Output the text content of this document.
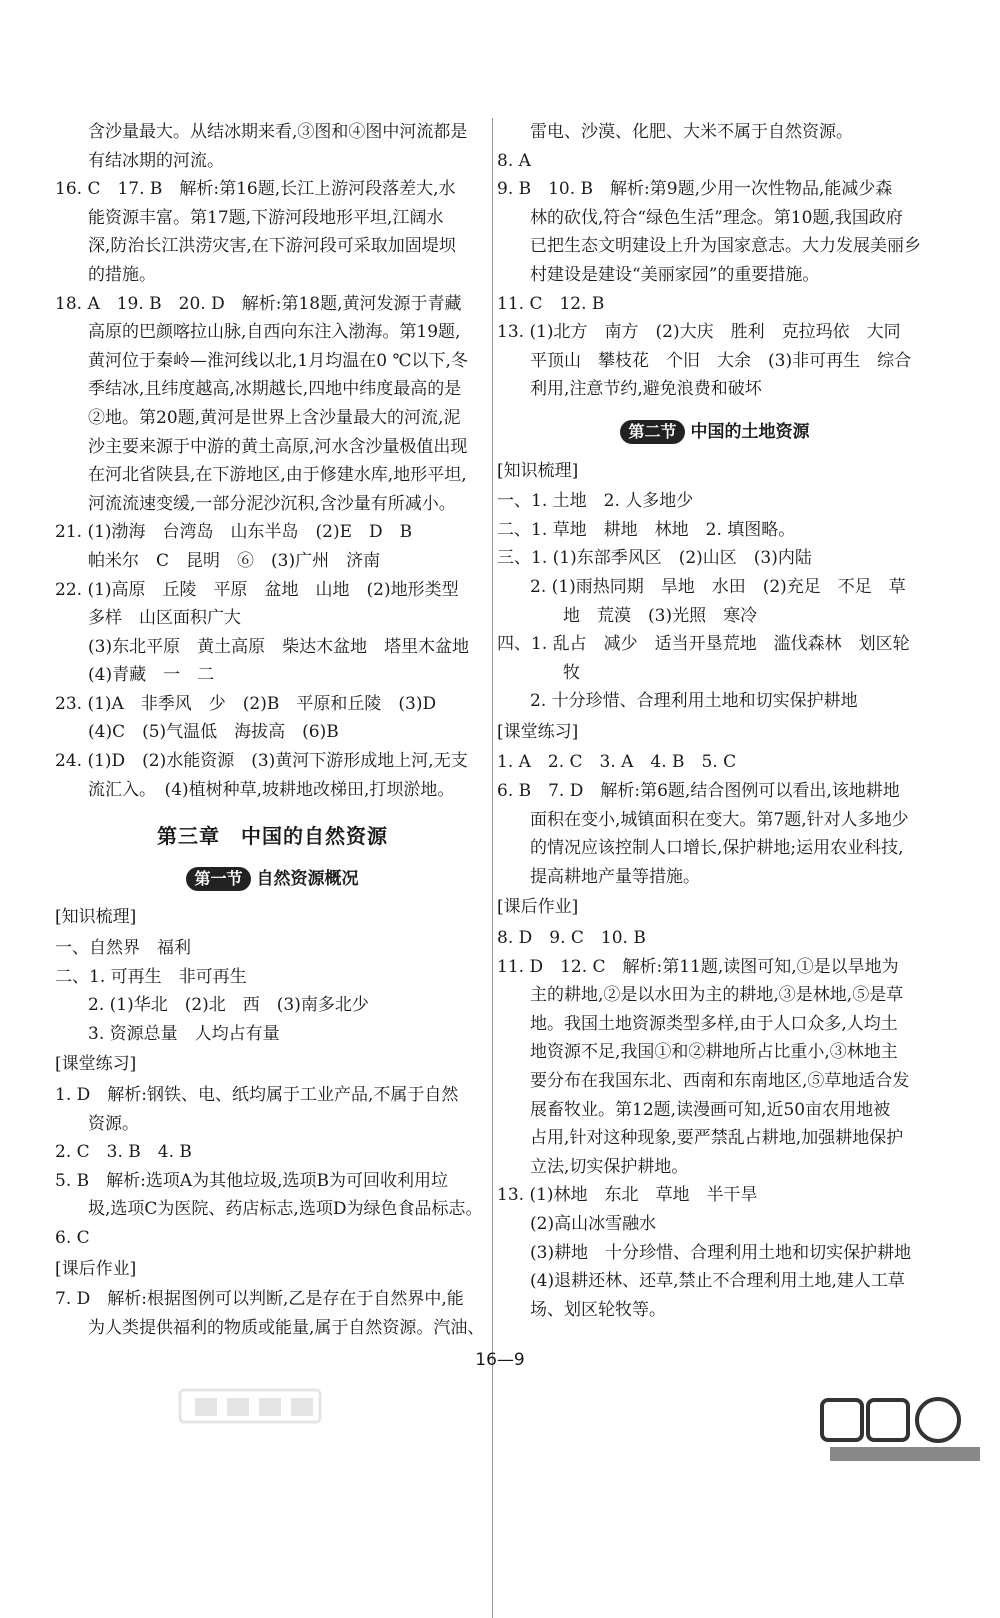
含沙量最大。从结冰期来看,③图和④图中河流都是

有结冰期的河流。

16. C　17. B　解析:第16题,长江上游河段落差大,水

能资源丰富。第17题,下游河段地形平坦,江阔水

深,防治长江洪涝灾害,在下游河段可采取加固堤坝

的措施。

18. A　19. B　20. D　解析:第18题,黄河发源于青藏

高原的巴颜喀拉山脉,自西向东注入渤海。第19题,

黄河位于秦岭—淮河线以北,1月均温在0 ℃以下,冬

季结冰,且纬度越高,冰期越长,四地中纬度最高的是

②地。第20题,黄河是世界上含沙量最大的河流,泥

沙主要来源于中游的黄土高原,河水含沙量极值出现

在河北省陕县,在下游地区,由于修建水库,地形平坦,

河流流速变缓,一部分泥沙沉积,含沙量有所减小。

21. (1)渤海　台湾岛　山东半岛　(2)E　D　B

帕米尔　C　昆明　⑥　(3)广州　济南

22. (1)高原　丘陵　平原　盆地　山地　(2)地形类型

多样　山区面积广大

(3)东北平原　黄土高原　柴达木盆地　塔里木盆地

(4)青藏　一　二

23. (1)A　非季风　少　(2)B　平原和丘陵　(3)D

(4)C　(5)气温低　海拔高　(6)B

24. (1)D　(2)水能资源　(3)黄河下游形成地上河,无支

流汇入。　(4)植树种草,坡耕地改梯田,打坝淤地。

第三章　中国的自然资源
第一节 自然资源概况

[知识梳理]

一、自然界　福利

二、1. 可再生　非可再生

2. (1)华北　(2)北　西　(3)南多北少

3. 资源总量　人均占有量

[课堂练习]

1. D　解析:钢铁、电、纸均属于工业产品,不属于自然

资源。

2. C　3. B　4. B

5. B　解析:选项A为其他垃圾,选项B为可回收利用垃

圾,选项C为医院、药店标志,选项D为绿色食品标志。

6. C

[课后作业]

7. D　解析:根据图例可以判断,乙是存在于自然界中,能

为人类提供福利的物质或能量,属于自然资源。汽油、

雷电、沙漠、化肥、大米不属于自然资源。

8. A

9. B　10. B　解析:第9题,少用一次性物品,能减少森

林的砍伐,符合“绿色生活”理念。第10题,我国政府

已把生态文明建设上升为国家意志。大力发展美丽乡

村建设是建设“美丽家园”的重要措施。

11. C　12. B

13. (1)北方　南方　(2)大庆　胜利　克拉玛依　大同

平顶山　攀枝花　个旧　大余　(3)非可再生　综合

利用,注意节约,避免浪费和破坏

第二节 中国的土地资源

[知识梳理]

一、1. 土地　2. 人多地少

二、1. 草地　耕地　林地　2. 填图略。

三、1. (1)东部季风区　(2)山区　(3)内陆

2. (1)雨热同期　旱地　水田　(2)充足　不足　草

地　荒漠　(3)光照　寒冷

四、1. 乱占　减少　适当开垦荒地　滥伐森林　划区轮

牧

2. 十分珍惜、合理利用土地和切实保护耕地

[课堂练习]

1. A　2. C　3. A　4. B　5. C

6. B　7. D　解析:第6题,结合图例可以看出,该地耕地

面积在变小,城镇面积在变大。第7题,针对人多地少

的情况应该控制人口增长,保护耕地;运用农业科技,

提高耕地产量等措施。

[课后作业]

8. D　9. C　10. B

11. D　12. C　解析:第11题,读图可知,①是以旱地为

主的耕地,②是以水田为主的耕地,③是林地,⑤是草

地。我国土地资源类型多样,由于人口众多,人均土

地资源不足,我国①和②耕地所占比重小,③林地主

要分布在我国东北、西南和东南地区,⑤草地适合发

展畜牧业。第12题,读漫画可知,近50亩农用地被

占用,针对这种现象,要严禁乱占耕地,加强耕地保护

立法,切实保护耕地。

13. (1)林地　东北　草地　半干旱

(2)高山冰雪融水

(3)耕地　十分珍惜、合理利用土地和切实保护耕地

(4)退耕还林、还草,禁止不合理利用土地,建人工草

场、划区轮牧等。

16—9
